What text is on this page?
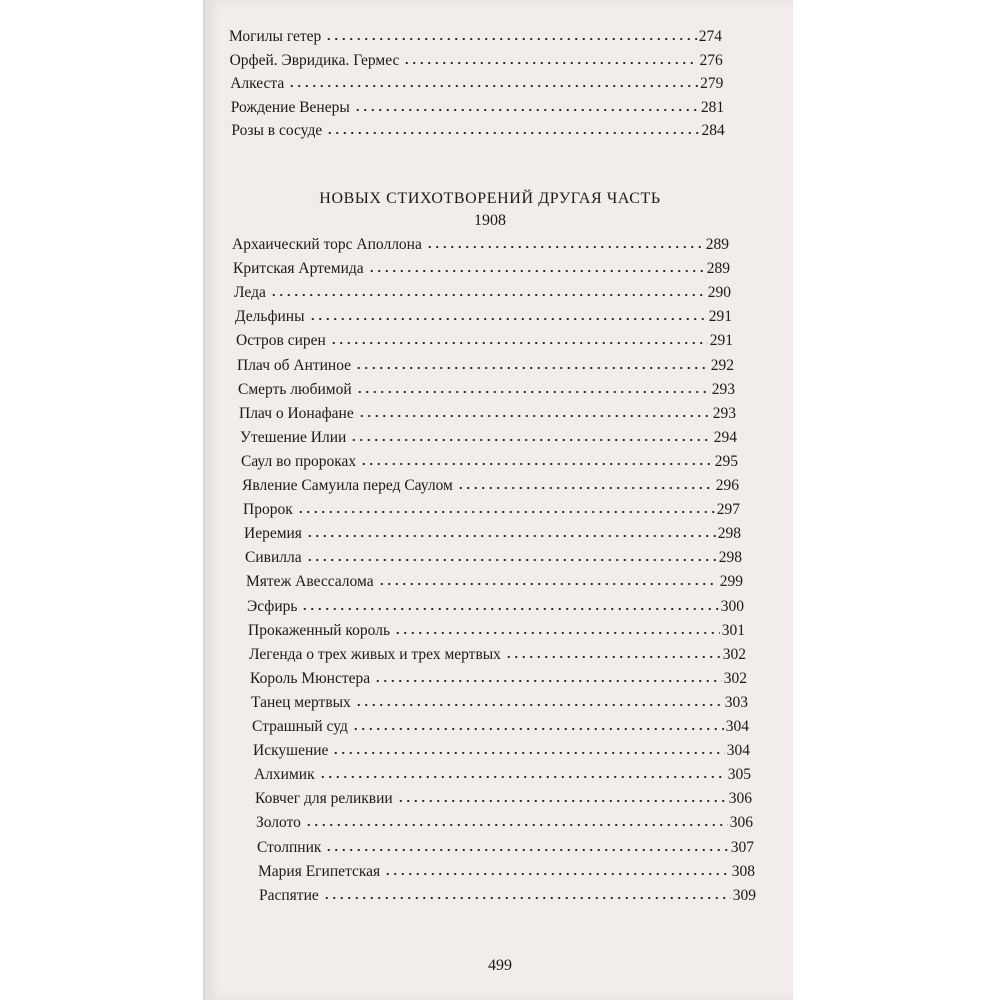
Могилы гетер	274
Орфей. Эвридика. Гермес	276
Алкеста	279
Рождение Венеры	281
Розы в сосуде	284
НОВЫХ СТИХОТВОРЕНИЙ ДРУГАЯ ЧАСТЬ
1908
Архаический торс Аполлона	289
Критская Артемида	289
Леда	290
Дельфины	291
Остров сирен	291
Плач об Антиное	292
Смерть любимой	293
Плач о Ионафане	293
Утешение Илии	294
Саул во пророках	295
Явление Самуила перед Саулом	296
Пророк	297
Иеремия	298
Сивилла	298
Мятеж Авессалома	299
Эсфирь	300
Прокаженный король	301
Легенда о трех живых и трех мертвых	302
Король Мюнстера	302
Танец мертвых	303
Страшный суд	304
Искушение	304
Алхимик	305
Ковчег для реликвии	306
Золото	306
Столпник	307
Мария Египетская	308
Распятие	309
499
